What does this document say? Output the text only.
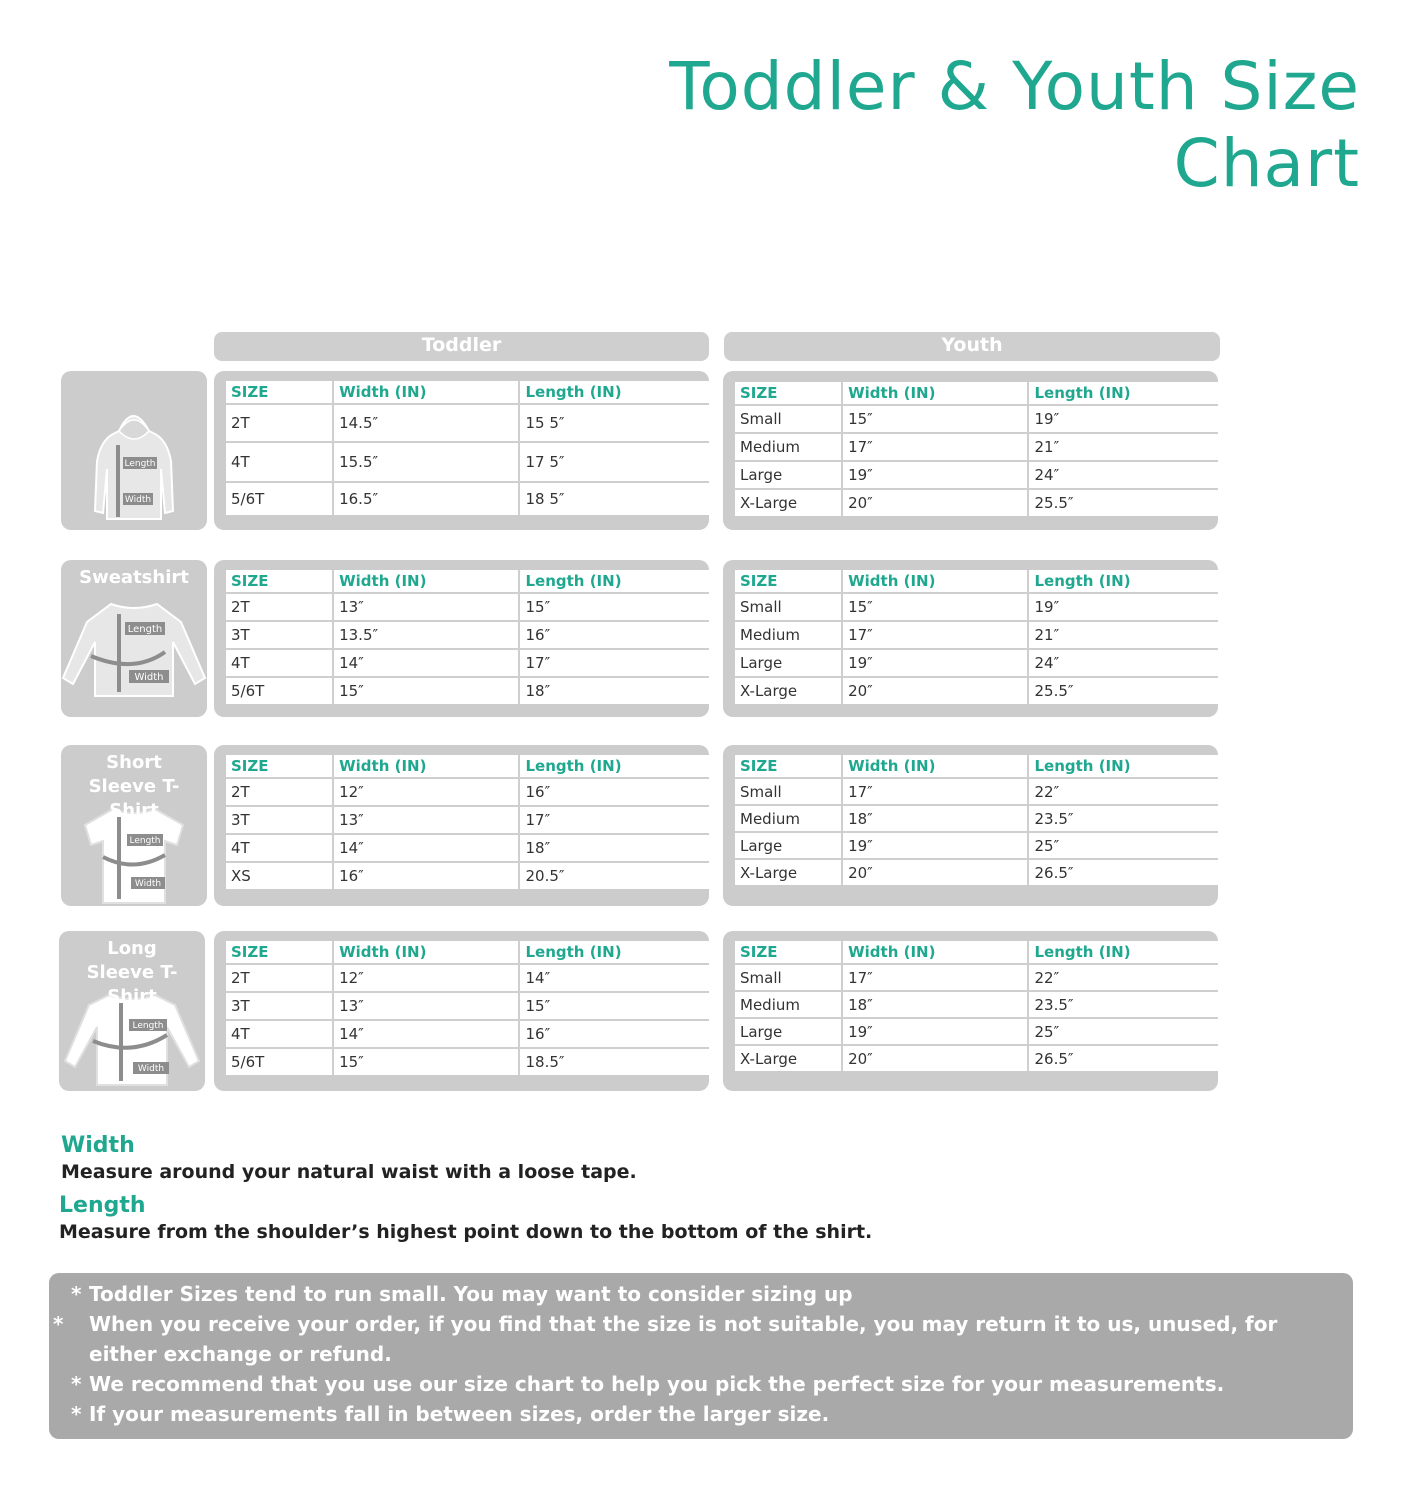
Toddler & Youth Size Chart
Toddler	Youth
Length
Width
SIZE	Width (IN)	Length (IN)
2T	14.5″	15 5″
4T	15.5″	17 5″
5/6T	16.5″	18 5″
SIZE	Width (IN)	Length (IN)
Small	15″	19″
Medium	17″	21″
Large	19″	24″
X-Large	20″	25.5″
Length
Width
Sweatshirt	SIZE	Width (IN)	Length (IN)
2T	13″	15″
3T	13.5″	16″
4T	14″	17″
5/6T	15″	18″
SIZE	Width (IN)	Length (IN)
Small	15″	19″
Medium	17″	21″
Large	19″	24″
X-Large	20″	25.5″
Length
Width
Short Sleeve T-Shirt
SIZE	Width (IN)	Length (IN)
2T	12″	16″
3T	13″	17″
4T	14″	18″
XS	16″	20.5″
SIZE	Width (IN)	Length (IN)
Small	17″	22″
Medium	18″	23.5″
Large	19″	25″
X-Large	20″	26.5″
Length
Width
Long Sleeve T-Shirt
SIZE	Width (IN)	Length (IN)
2T	12″	14″
3T	13″	15″
4T	14″	16″
5/6T	15″	18.5″
SIZE	Width (IN)	Length (IN)
Small	17″	22″
Medium	18″	23.5″
Large	19″	25″
X-Large	20″	26.5″
Width
Measure around your natural waist with a loose tape.
Length
Measure from the shoulder’s highest point down to the bottom of the shirt.
* Toddler Sizes tend to run small. You may want to consider sizing up
* When you receive your order, if you find that the size is not suitable, you may return it to us, unused, for either exchange or refund.
* We recommend that you use our size chart to help you pick the perfect size for your measurements.
* If your measurements fall in between sizes, order the larger size.
